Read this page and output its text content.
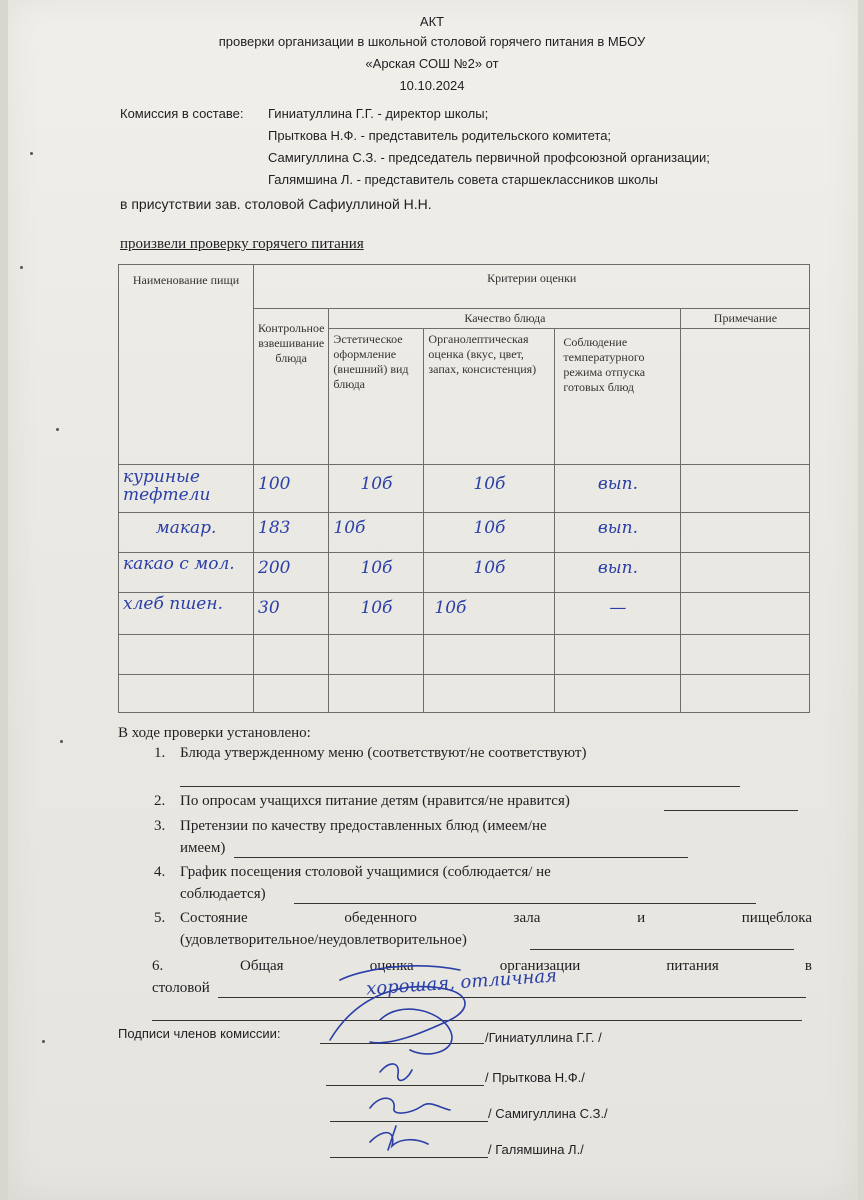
АКТ
проверки организации в школьной столовой горячего питания в МБОУ
«Арская СОШ №2» от
10.10.2024
Комиссия в составе: Гиниатуллина Г.Г. - директор школы;
Прыткова Н.Ф. - представитель родительского комитета;
Самигуллина С.З. - председатель первичной профсоюзной организации;
Галямшина Л. - представитель совета старшеклассников школы
в присутствии зав. столовой Сафиуллиной Н.Н.
произвели проверку горячего питания
Наименование пищи	Критерии оценки				

	Контрольное взвешивание блюда	Качество блюда			Примечание

		Эстетическое оформление (внешний) вид блюда	Органолептическая оценка (вкус, цвет, запах, консистенция)	Соблюдение температурного режима отпуска готовых блюд	

куриные тефтели	100	10б	10б	вып.	

макар.	183	10б	10б	вып.	

какао с мол.	200	10б	10б	вып.	

хлеб пшен.	30	10б	10б	—	

В ходе проверки установлено:
1. Блюда утвержденному меню (соответствуют/не соответствуют)
2. По опросам учащихся питание детям (нравится/не нравится)
3. Претензии по качеству предоставленных блюд (имеем/не
имеем)
4. График посещения столовой учащимися (соблюдается/ не
соблюдается)
5. Состояние обеденного зала и пищеблока
(удовлетворительное/неудовлетворительное)
6.	Общая оценка организации питания в
столовой	хорошая, отличная
Подписи членов комиссии:	/Гиниатуллина Г.Г. /
/ Прыткова Н.Ф./
/ Самигуллина С.З./
/ Галямшина Л./
